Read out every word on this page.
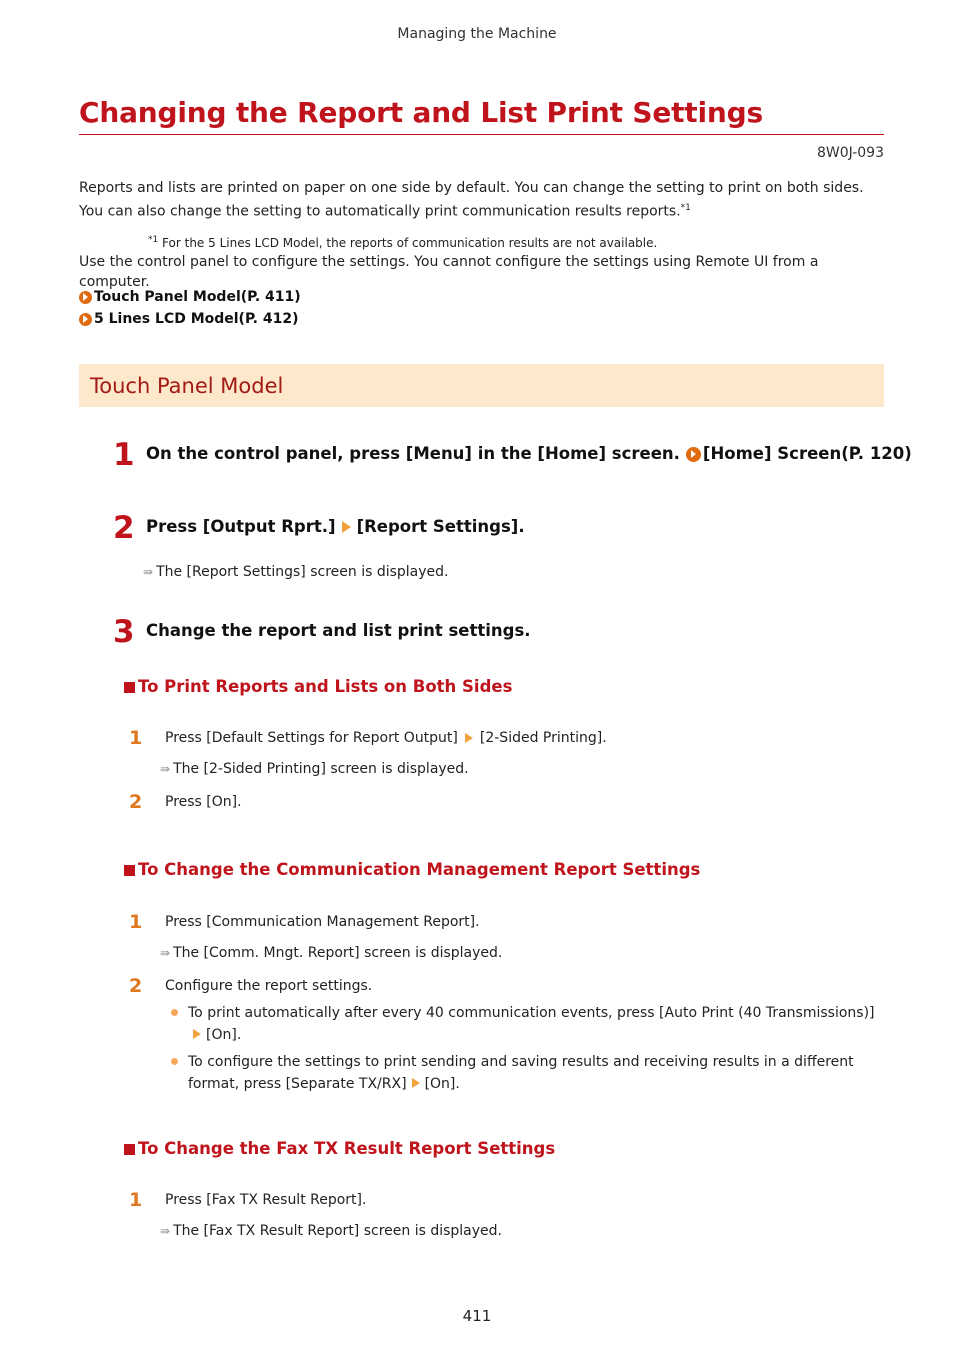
Managing the Machine
Changing the Report and List Print Settings
8W0J-093
Reports and lists are printed on paper on one side by default. You can change the setting to print on both sides. You can also change the setting to automatically print communication results reports.$^{*1}$
$^{*1}$ For the 5 Lines LCD Model, the reports of communication results are not available.
Use the control panel to configure the settings. You cannot configure the settings using Remote UI from a computer.
Touch Panel Model(P. 411)
5 Lines LCD Model(P. 412)
Touch Panel Model
1 On the control panel, press [Menu] in the [Home] screen. [Home] Screen(P. 120)
2 Press [Output Rprt.] [Report Settings].
⇛ The [Report Settings] screen is displayed.
3 Change the report and list print settings.
To Print Reports and Lists on Both Sides
1 Press [Default Settings for Report Output] [2-Sided Printing].
⇛ The [2-Sided Printing] screen is displayed.
2 Press [On].
To Change the Communication Management Report Settings
1 Press [Communication Management Report].
⇛ The [Comm. Mngt. Report] screen is displayed.
2 Configure the report settings.
To print automatically after every 40 communication events, press [Auto Print (40 Transmissions)][On].
To configure the settings to print sending and saving results and receiving results in a different format, press [Separate TX/RX] [On].
To Change the Fax TX Result Report Settings
1 Press [Fax TX Result Report].
⇛ The [Fax TX Result Report] screen is displayed.
411
